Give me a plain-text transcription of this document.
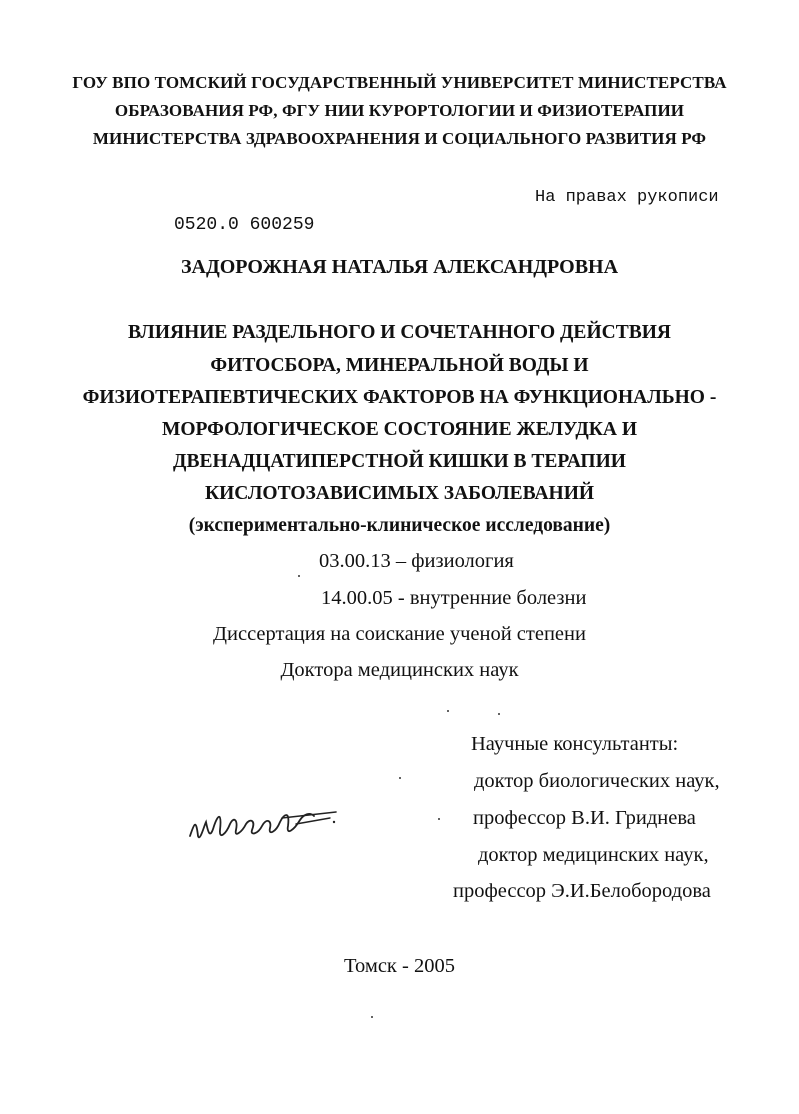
ГОУ ВПО ТОМСКИЙ ГОСУДАРСТВЕННЫЙ УНИВЕРСИТЕТ МИНИСТЕРСТВА
ОБРАЗОВАНИЯ РФ, ФГУ НИИ КУРОРТОЛОГИИ И ФИЗИОТЕРАПИИ
МИНИСТЕРСТВА ЗДРАВООХРАНЕНИЯ И СОЦИАЛЬНОГО РАЗВИТИЯ РФ
На правах рукописи
0520.0 600259
ЗАДОРОЖНАЯ НАТАЛЬЯ АЛЕКСАНДРОВНА
ВЛИЯНИЕ РАЗДЕЛЬНОГО И СОЧЕТАННОГО ДЕЙСТВИЯ
ФИТОСБОРА, МИНЕРАЛЬНОЙ ВОДЫ И
ФИЗИОТЕРАПЕВТИЧЕСКИХ ФАКТОРОВ НА ФУНКЦИОНАЛЬНО -
МОРФОЛОГИЧЕСКОЕ СОСТОЯНИЕ ЖЕЛУДКА И
ДВЕНАДЦАТИПЕРСТНОЙ КИШКИ В ТЕРАПИИ
КИСЛОТОЗАВИСИМЫХ ЗАБОЛЕВАНИЙ
(экспериментально-клиническое исследование)
03.00.13 – физиология
14.00.05 - внутренние болезни
Диссертация на соискание ученой степени
Доктора медицинских наук
Научные консультанты:
доктор биологических наук,
профессор В.И. Гриднева
доктор медицинских наук,
профессор Э.И.Белобородова
Томск - 2005
